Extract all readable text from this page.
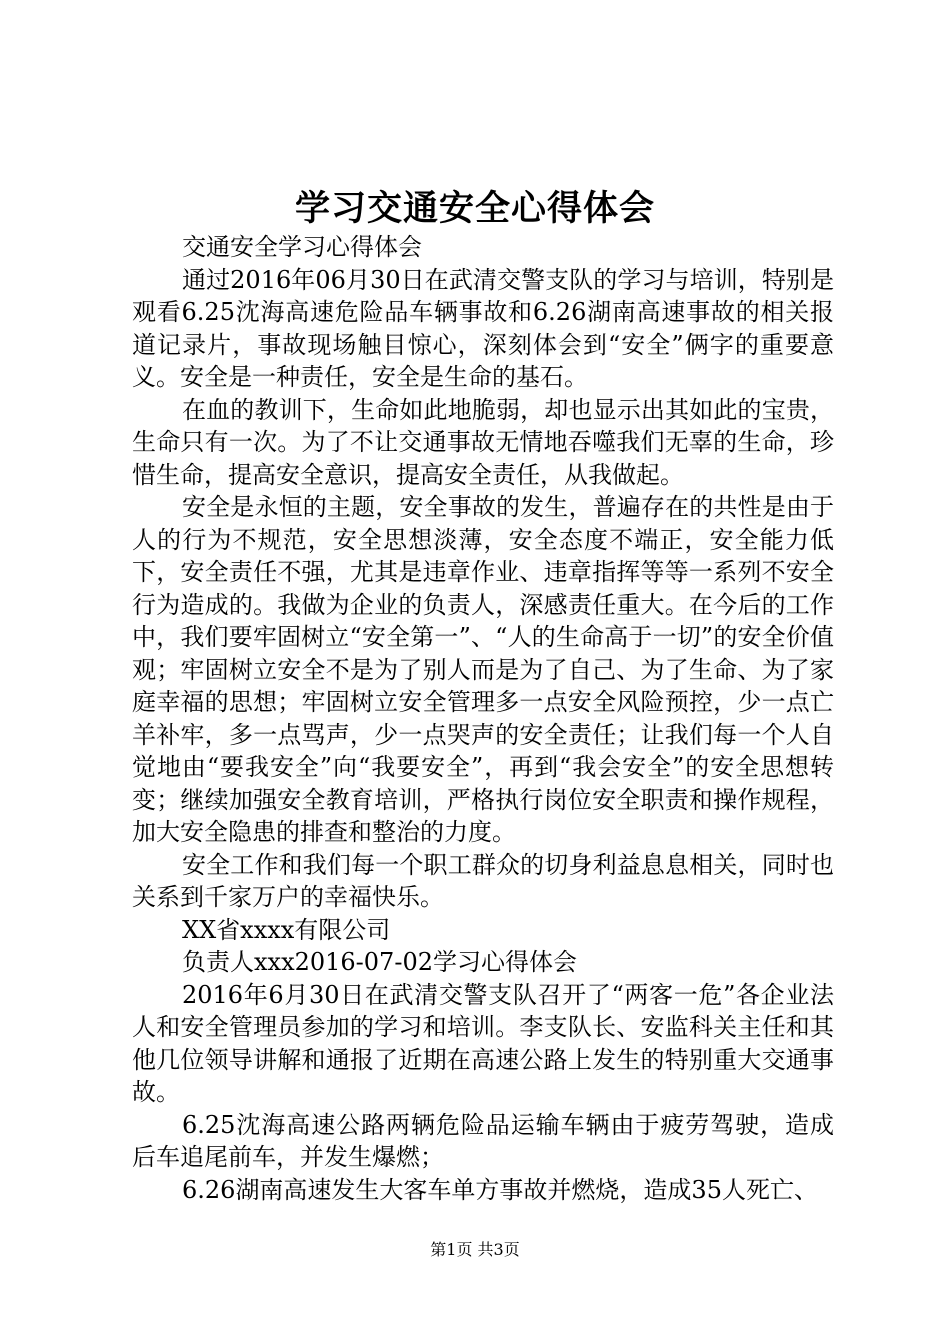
学习交通安全心得体会

交通安全学习心得体会

通过2016年06月30日在武清交警支队的学习与培训，特别是观看6.25沈海高速危险品车辆事故和6.26湖南高速事故的相关报道记录片，事故现场触目惊心，深刻体会到“安全”俩字的重要意义。安全是一种责任，安全是生命的基石。

在血的教训下，生命如此地脆弱，却也显示出其如此的宝贵，生命只有一次。为了不让交通事故无情地吞噬我们无辜的生命，珍惜生命，提高安全意识，提高安全责任，从我做起。

安全是永恒的主题，安全事故的发生，普遍存在的共性是由于人的行为不规范，安全思想淡薄，安全态度不端正，安全能力低下，安全责任不强，尤其是违章作业、违章指挥等等一系列不安全行为造成的。我做为企业的负责人，深感责任重大。在今后的工作中，我们要牢固树立“安全第一”、“人的生命高于一切”的安全价值观；牢固树立安全不是为了别人而是为了自己、为了生命、为了家庭幸福的思想；牢固树立安全管理多一点安全风险预控，少一点亡羊补牢，多一点骂声，少一点哭声的安全责任；让我们每一个人自觉地由“要我安全”向“我要安全”，再到“我会安全”的安全思想转变；继续加强安全教育培训，严格执行岗位安全职责和操作规程，加大安全隐患的排查和整治的力度。

安全工作和我们每一个职工群众的切身利益息息相关，同时也关系到千家万户的幸福快乐。

XX省xxxx有限公司

负责人xxx2016-07-02学习心得体会

2016年6月30日在武清交警支队召开了“两客一危”各企业法人和安全管理员参加的学习和培训。李支队长、安监科关主任和其他几位领导讲解和通报了近期在高速公路上发生的特别重大交通事故。

6.25沈海高速公路两辆危险品运输车辆由于疲劳驾驶，造成后车追尾前车，并发生爆燃；

6.26湖南高速发生大客车单方事故并燃烧，造成35人死亡、

第1页 共3页
